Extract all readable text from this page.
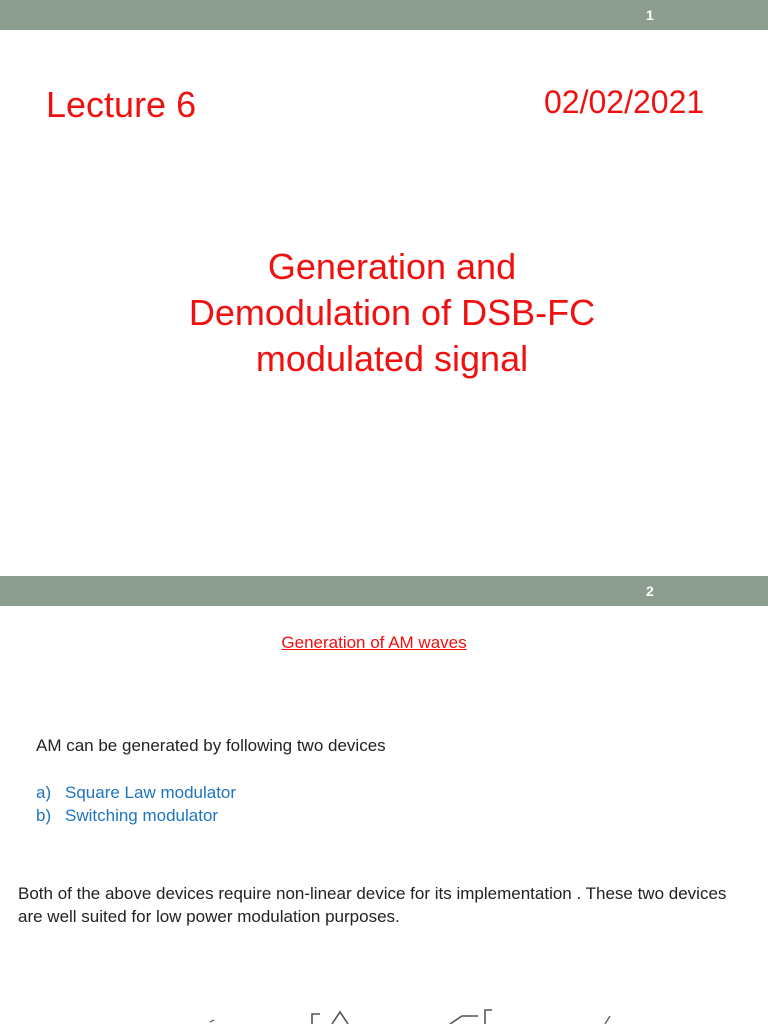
1
Lecture 6	02/02/2021
Generation and
Demodulation of DSB-FC
modulated signal
2
Generation of AM waves
AM can be generated by following two devices
a) Square Law modulator
b) Switching modulator
Both of the above devices require non-linear device for its implementation . These two devices are well suited for low power modulation purposes.
